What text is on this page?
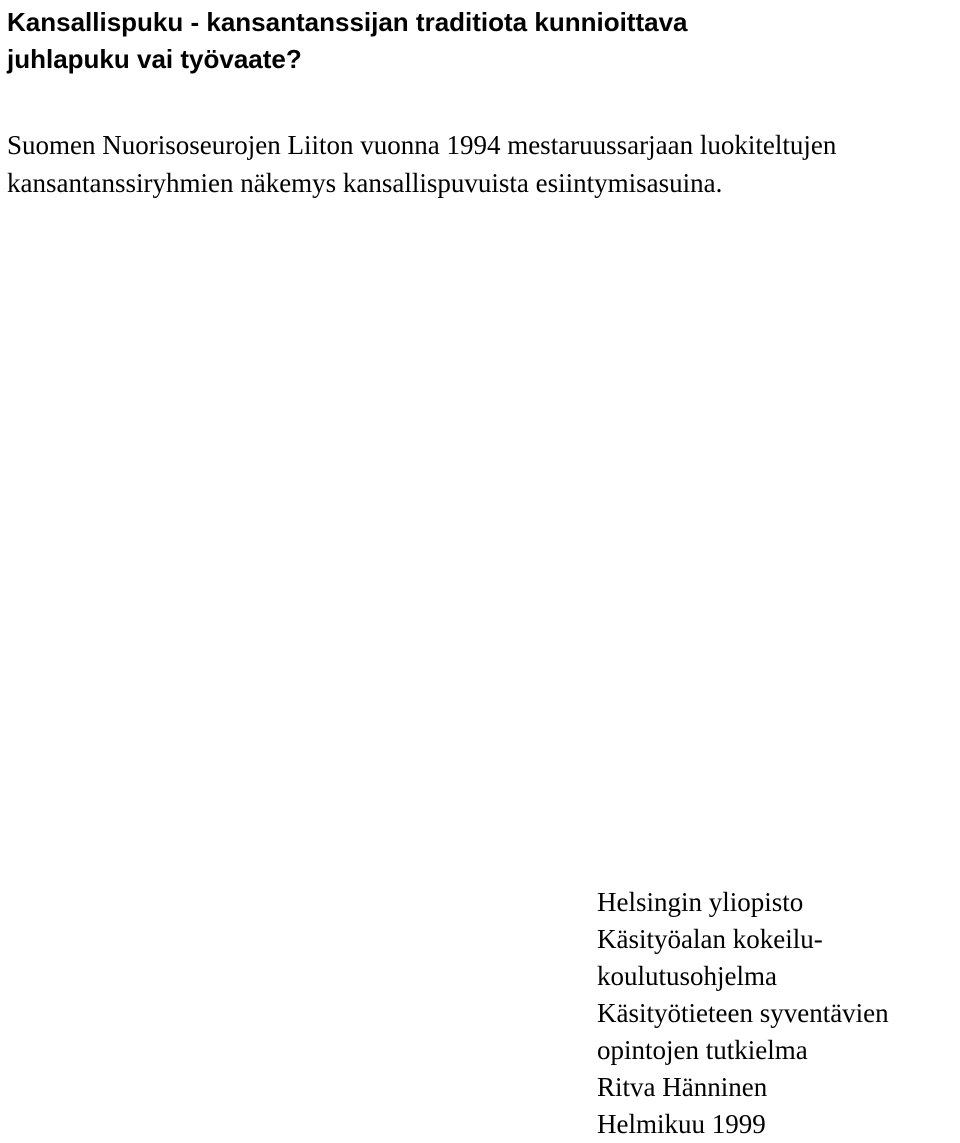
Kansallispuku - kansantanssijan traditiota kunnioittava
juhlapuku vai työvaate?

Suomen Nuorisoseurojen Liiton vuonna 1994 mestaruussarjaan luokiteltujen
kansantanssiryhmien näkemys kansallispuvuista esiintymisasuina.

Helsingin yliopisto
Käsityöalan kokeilu-
koulutusohjelma
Käsityötieteen syventävien
opintojen tutkielma
Ritva Hänninen
Helmikuu 1999
